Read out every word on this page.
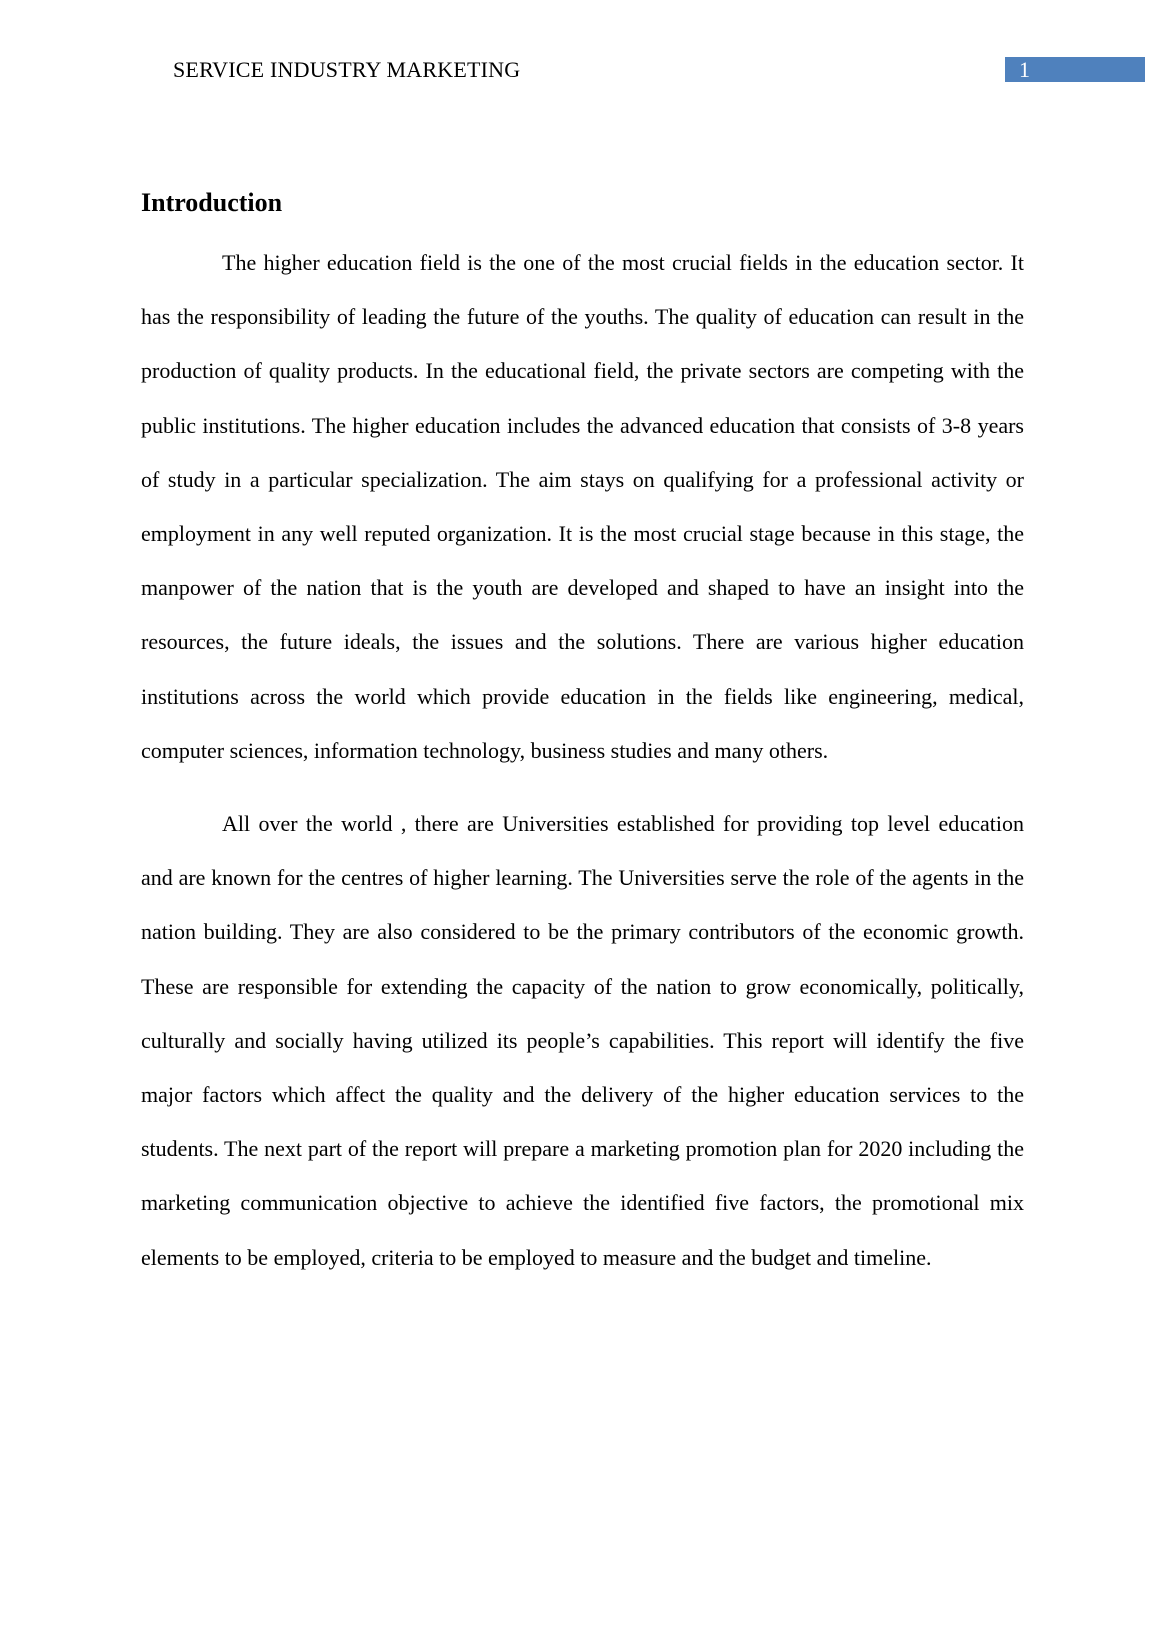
SERVICE INDUSTRY MARKETING	1
Introduction

The higher education field is the one of the most crucial fields in the education sector. It has the responsibility of leading the future of the youths. The quality of education can result in the production of quality products. In the educational field, the private sectors are competing with the public institutions. The higher education includes the advanced education that consists of 3-8 years of study in a particular specialization. The aim stays on qualifying for a professional activity or employment in any well reputed organization. It is the most crucial stage because in this stage, the manpower of the nation that is the youth are developed and shaped to have an insight into the resources, the future ideals, the issues and the solutions. There are various higher education institutions across the world which provide education in the fields like engineering, medical, computer sciences, information technology, business studies and many others.

All over the world , there are Universities established for providing top level education and are known for the centres of higher learning. The Universities serve the role of the agents in the nation building. They are also considered to be the primary contributors of the economic growth. These are responsible for extending the capacity of the nation to grow economically, politically, culturally and socially having utilized its people’s capabilities. This report will identify the five major factors which affect the quality and the delivery of the higher education services to the students. The next part of the report will prepare a marketing promotion plan for 2020 including the marketing communication objective to achieve the identified five factors, the promotional mix elements to be employed, criteria to be employed to measure and the budget and timeline.
